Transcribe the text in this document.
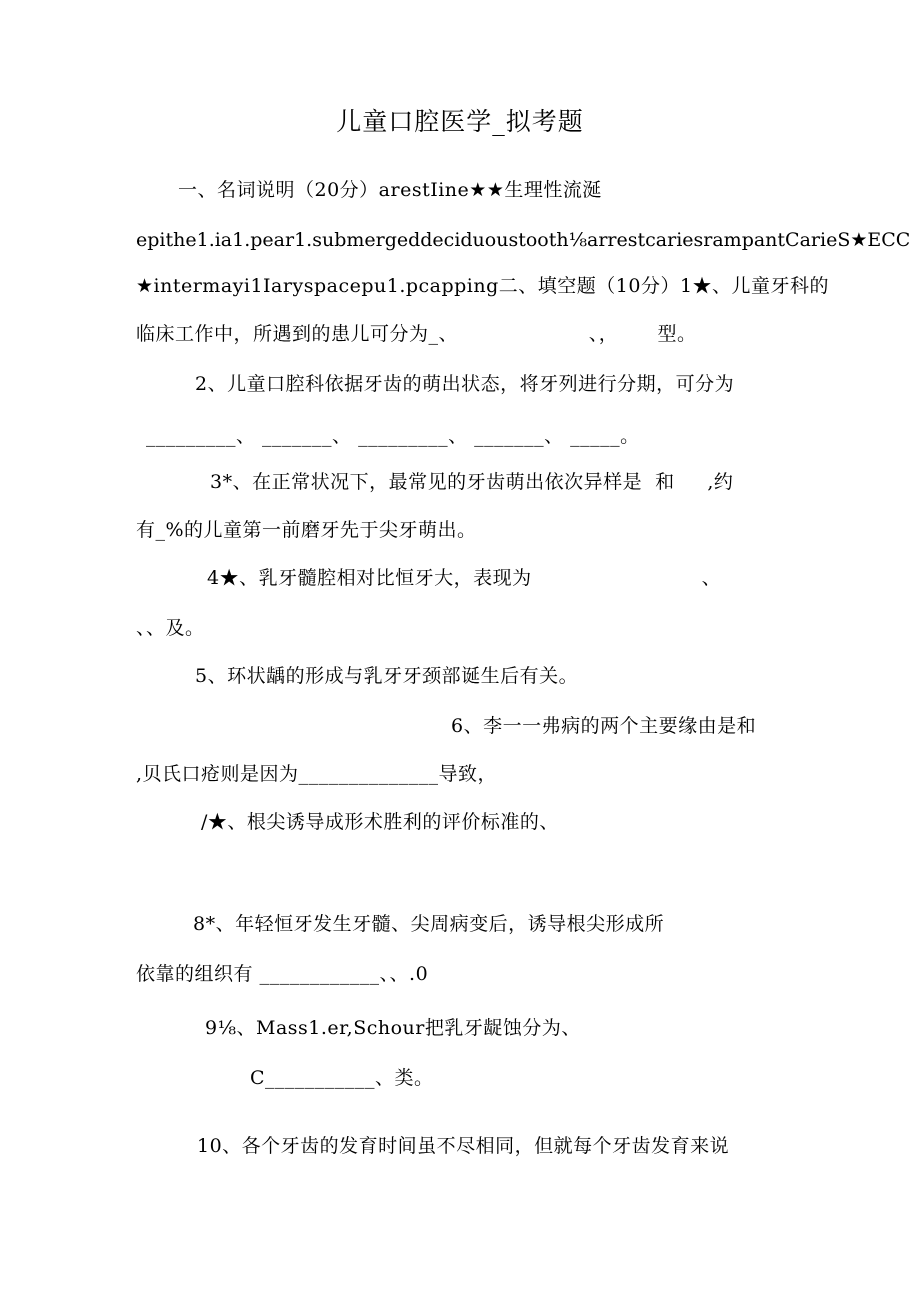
儿童口腔医学_拟考题
一、名词说明（20分）arestIine★★生理性流涎
epithe1.ia1.pear1.submergeddeciduoustooth⅛arrestcariesrampantCarieS★ECC
★intermayi1Iaryspacepu1.pcapping二、填空题（10分）1★、儿童牙科的
临床工作中，所遇到的患儿可分为_、                    、，      型。
2、儿童口腔科依据牙齿的萌出状态，将牙列进行分期，可分为
_________、 _______、 _________、 _______、 _____。
3*、在正常状况下，最常见的牙齿萌出依次异样是  和     ,约
有_%的儿童第一前磨牙先于尖牙萌出。
4★、乳牙髓腔相对比恒牙大，表现为                          、
、、及。
5、环状龋的形成与乳牙牙颈部诞生后有关。
6、李一一弗病的两个主要缘由是和
,贝氏口疮则是因为______________导致，
/★、根尖诱导成形术胜利的评价标准的、
8*、年轻恒牙发生牙髓、尖周病变后，诱导根尖形成所
依靠的组织有 ____________、、.0
9⅛、Mass1.er,Schour把乳牙龊蚀分为、
C___________、类。
10、各个牙齿的发育时间虽不尽相同，但就每个牙齿发育来说
